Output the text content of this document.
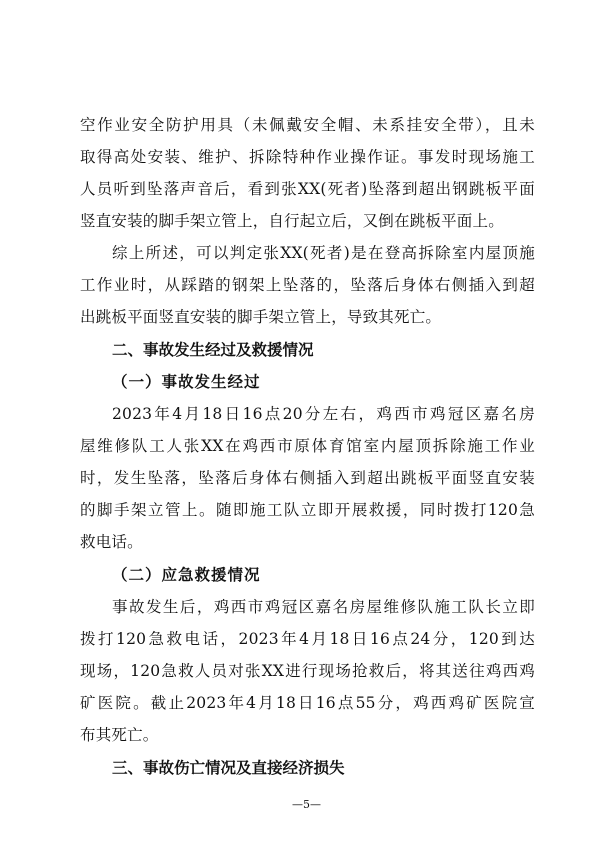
空作业安全防护用具（未佩戴安全帽、未系挂安全带），且未
取得高处安装、维护、拆除特种作业操作证。事发时现场施工
人员听到坠落声音后，看到张XX(死者)坠落到超出钢跳板平面
竖直安装的脚手架立管上，自行起立后，又倒在跳板平面上。
综上所述，可以判定张XX(死者)是在登高拆除室内屋顶施
工作业时，从踩踏的钢架上坠落的，坠落后身体右侧插入到超
出跳板平面竖直安装的脚手架立管上，导致其死亡。
二、事故发生经过及救援情况
（一）事故发生经过
2023年4月18日16点20分左右，鸡西市鸡冠区嘉名房
屋维修队工人张XX在鸡西市原体育馆室内屋顶拆除施工作业
时，发生坠落，坠落后身体右侧插入到超出跳板平面竖直安装
的脚手架立管上。随即施工队立即开展救援，同时拨打120急
救电话。
（二）应急救援情况
事故发生后，鸡西市鸡冠区嘉名房屋维修队施工队长立即
拨打120急救电话，2023年4月18日16点24分，120到达
现场，120急救人员对张XX进行现场抢救后，将其送往鸡西鸡
矿医院。截止2023年4月18日16点55分，鸡西鸡矿医院宣
布其死亡。
三、事故伤亡情况及直接经济损失
—5—
